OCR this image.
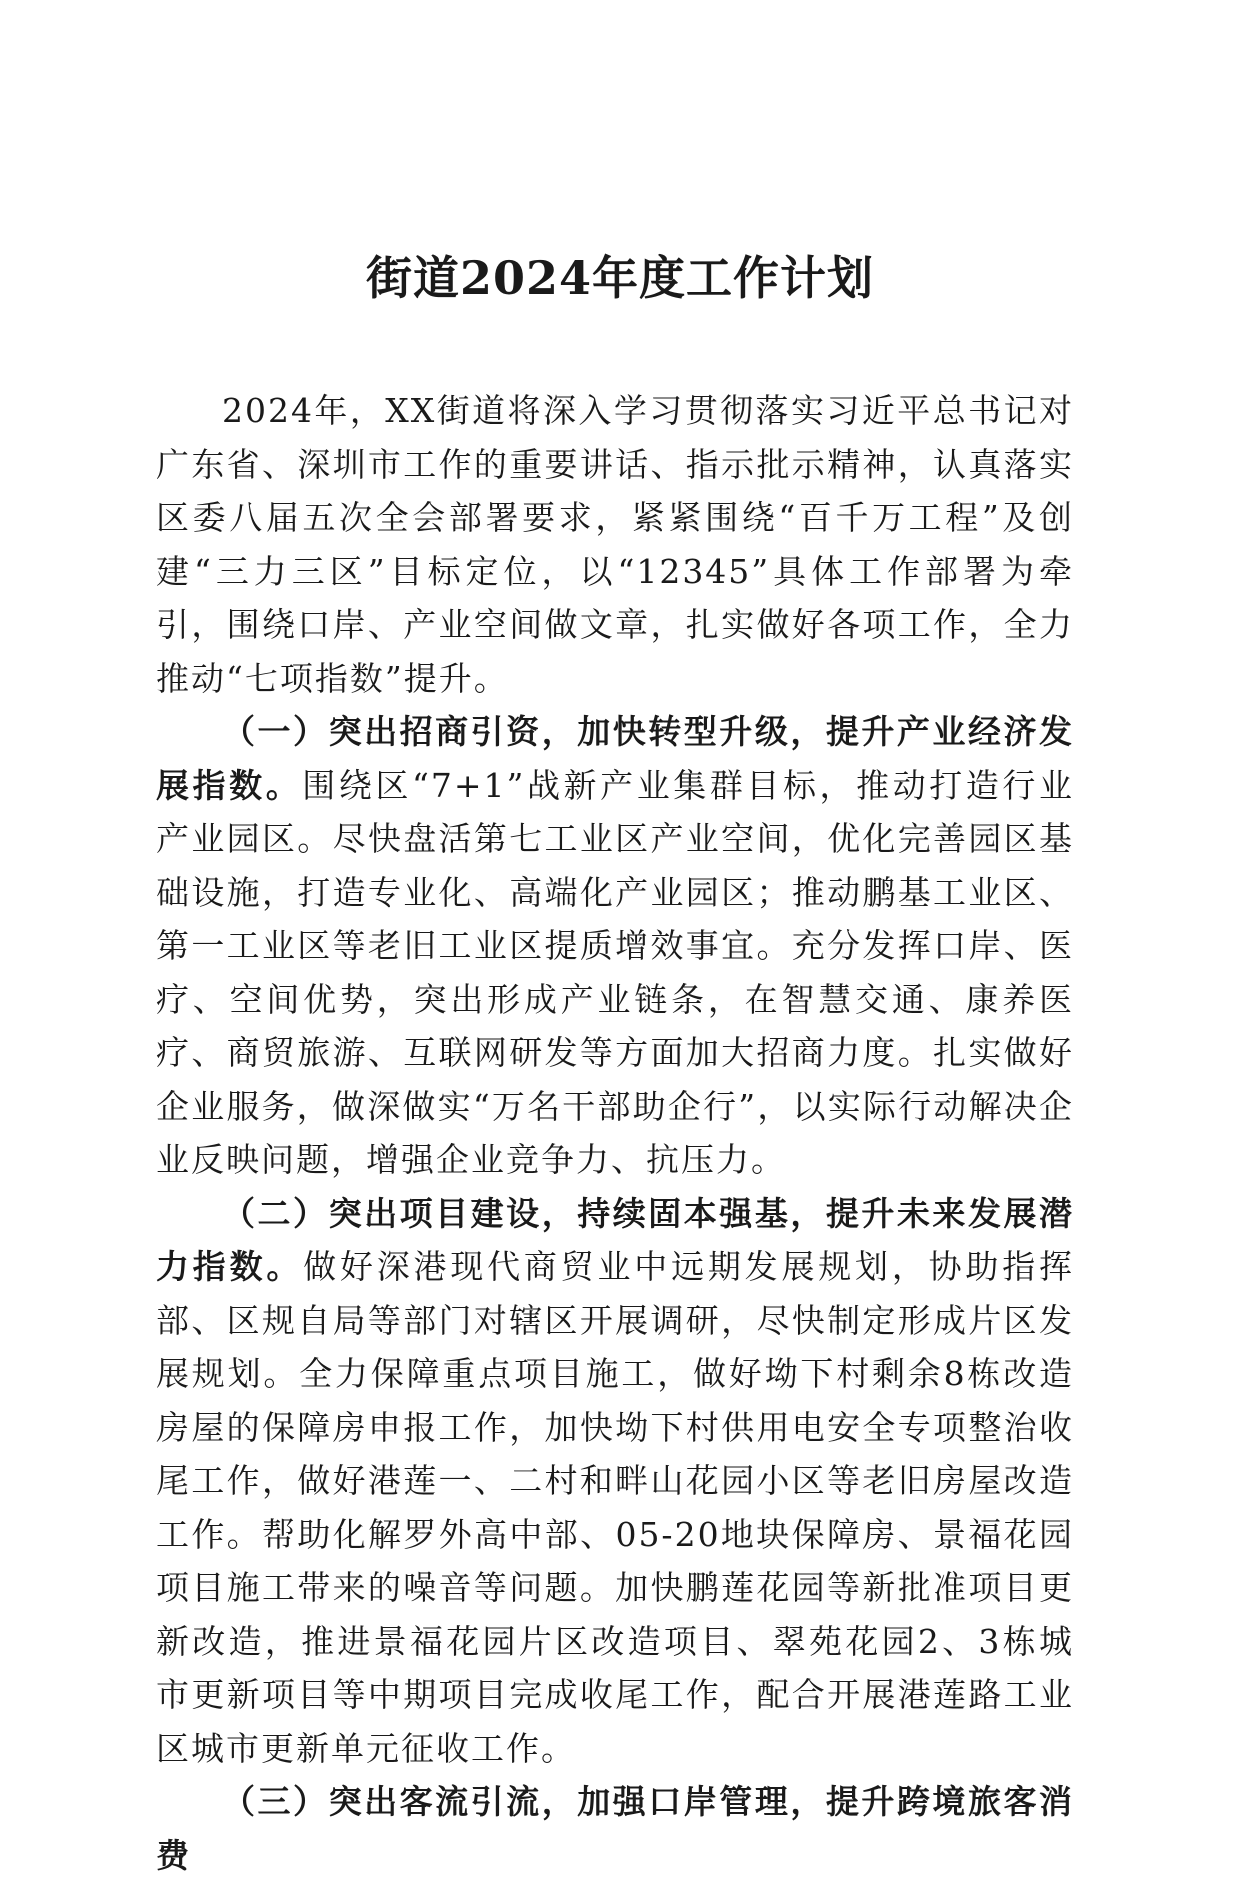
街道2024年度工作计划

2024年，XX街道将深入学习贯彻落实习近平总书记对广东省、深圳市工作的重要讲话、指示批示精神，认真落实区委八届五次全会部署要求，紧紧围绕“百千万工程”及创建“三力三区”目标定位，以“12345”具体工作部署为牵引，围绕口岸、产业空间做文章，扎实做好各项工作，全力推动“七项指数”提升。

（一）突出招商引资，加快转型升级，提升产业经济发展指数。围绕区“7+1”战新产业集群目标，推动打造行业产业园区。尽快盘活第七工业区产业空间，优化完善园区基础设施，打造专业化、高端化产业园区；推动鹏基工业区、第一工业区等老旧工业区提质增效事宜。充分发挥口岸、医疗、空间优势，突出形成产业链条，在智慧交通、康养医疗、商贸旅游、互联网研发等方面加大招商力度。扎实做好企业服务，做深做实“万名干部助企行”，以实际行动解决企业反映问题，增强企业竞争力、抗压力。

（二）突出项目建设，持续固本强基，提升未来发展潜力指数。做好深港现代商贸业中远期发展规划，协助指挥部、区规自局等部门对辖区开展调研，尽快制定形成片区发展规划。全力保障重点项目施工，做好坳下村剩余8栋改造房屋的保障房申报工作，加快坳下村供用电安全专项整治收尾工作，做好港莲一、二村和畔山花园小区等老旧房屋改造工作。帮助化解罗外高中部、05-20地块保障房、景福花园项目施工带来的噪音等问题。加快鹏莲花园等新批准项目更新改造，推进景福花园片区改造项目、翠苑花园2、3栋城市更新项目等中期项目完成收尾工作，配合开展港莲路工业区城市更新单元征收工作。

（三）突出客流引流，加强口岸管理，提升跨境旅客消费
